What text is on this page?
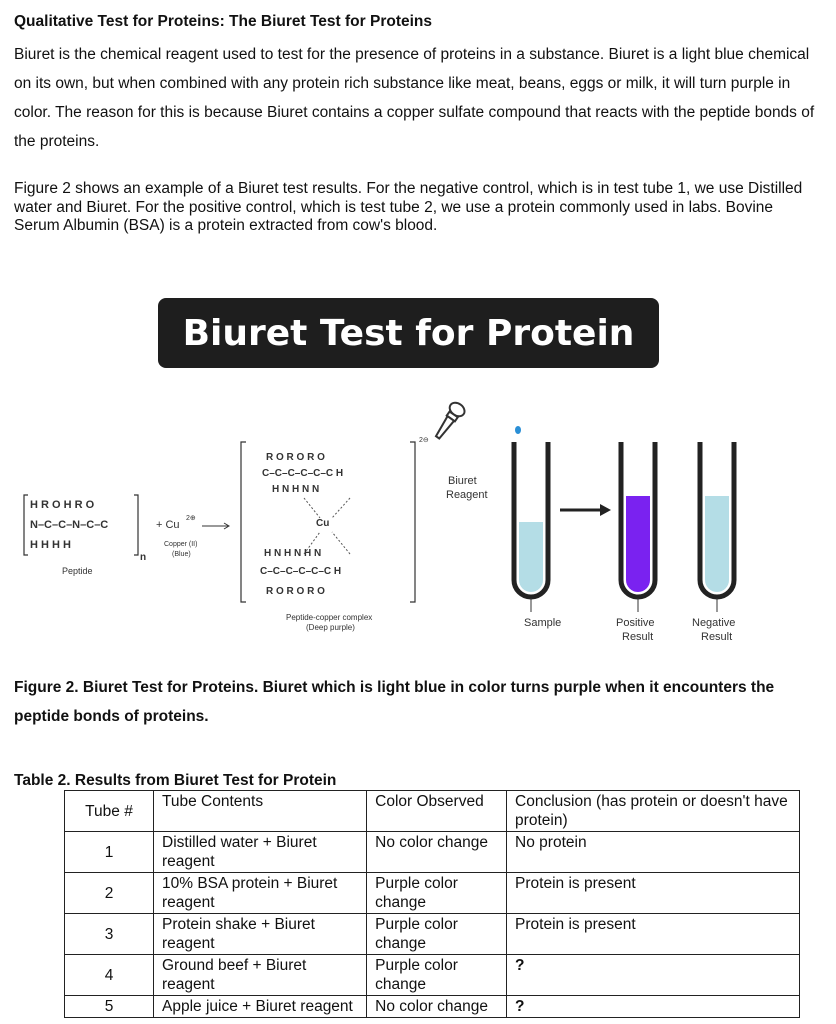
Qualitative Test for Proteins: The Biuret Test for Proteins
Biuret is the chemical reagent used to test for the presence of proteins in a substance. Biuret is a light blue chemical on its own, but when combined with any protein rich substance like meat, beans, eggs or milk, it will turn purple in color. The reason for this is because Biuret contains a copper sulfate compound that reacts with the peptide bonds of the proteins.
Figure 2 shows an example of a Biuret test results. For the negative control, which is in test tube 1, we use Distilled water and Biuret. For the positive control, which is test tube 2, we use a protein commonly used in labs. Bovine Serum Albumin (BSA) is a protein extracted from cow's blood.
Biuret Test for Protein
H R O H R O
N–C–C–N–C–C
H H H H
n
Peptide
+ Cu
2⊕
Copper (II)
(Blue)
2⊖
R O R O R O
C–C–C–C–C–C H
H N H N N
Cu
H N H N H N
C–C–C–C–C–C H
R O R O R O
Peptide-copper complex
(Deep purple)
Biuret
Reagent
Sample	Positive
Result
Negative
Result
Figure 2. Biuret Test for Proteins. Biuret which is light blue in color turns purple when it encounters the peptide bonds of proteins.
Table 2. Results from Biuret Test for Protein
Tube #	Tube Contents	Color Observed	Conclusion (has protein or doesn't have protein)
1	Distilled water + Biuret reagent	No color change	No protein
2	10% BSA protein + Biuret reagent	Purple color change	Protein is present
3	Protein shake + Biuret reagent	Purple color change	Protein is present
4	Ground beef + Biuret reagent	Purple color change	?
5	Apple juice + Biuret reagent	No color change	?
